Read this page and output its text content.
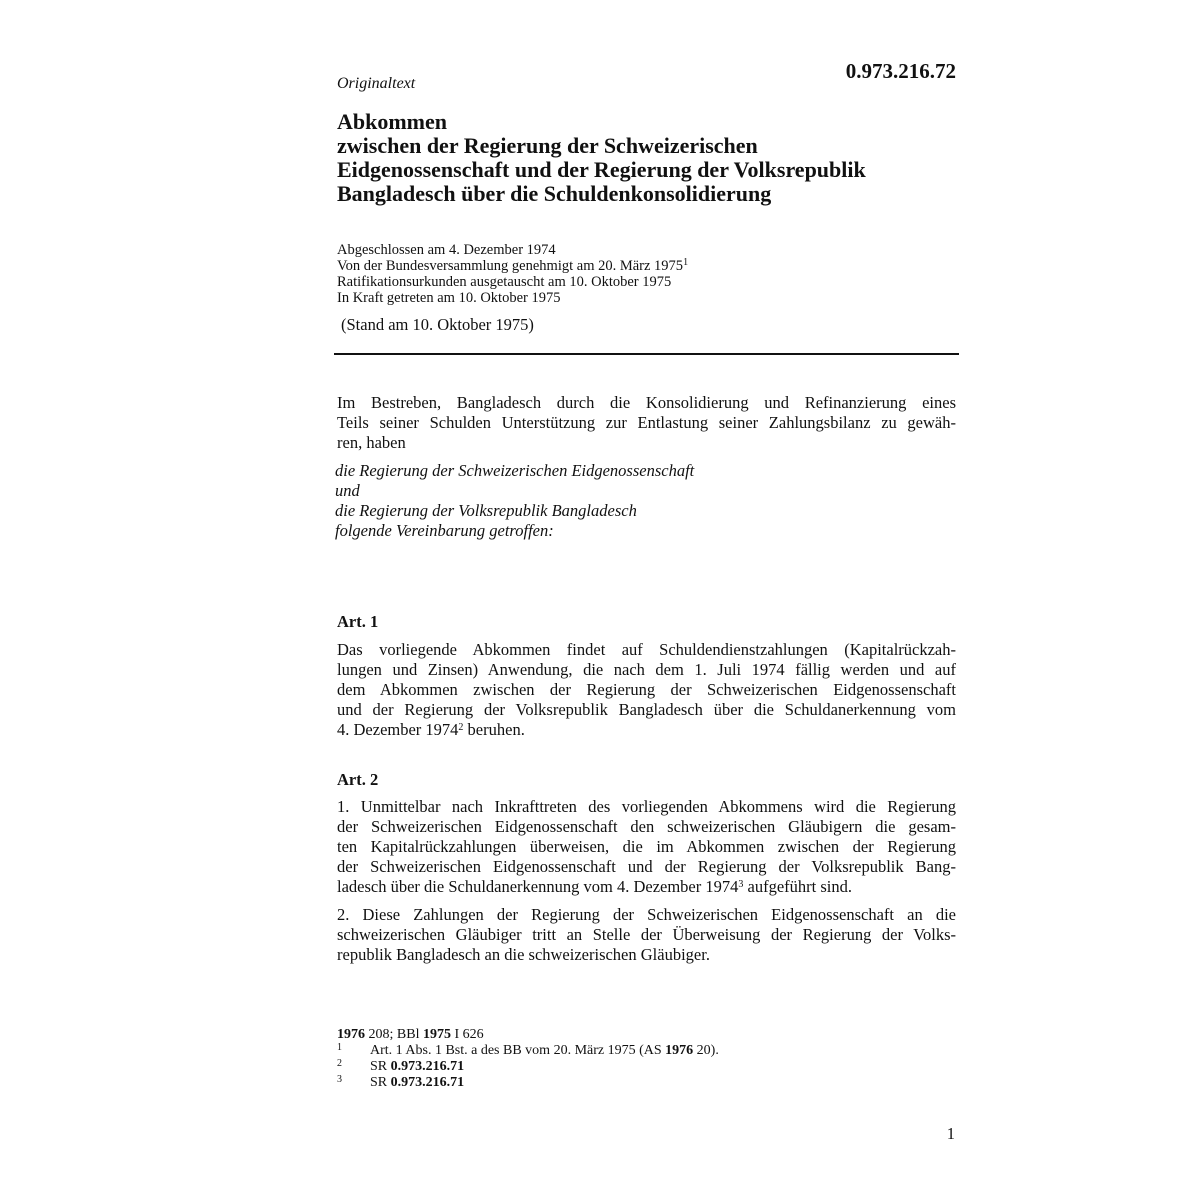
0.973.216.72
Originaltext
Abkommen
zwischen der Regierung der Schweizerischen
Eidgenossenschaft und der Regierung der Volksrepublik
Bangladesch über die Schuldenkonsolidierung
Abgeschlossen am 4. Dezember 1974
Von der Bundesversammlung genehmigt am 20. März 1975$^1$
Ratifikationsurkunden ausgetauscht am 10. Oktober 1975
In Kraft getreten am 10. Oktober 1975
(Stand am 10. Oktober 1975)
Im Bestreben, Bangladesch durch die Konsolidierung und Refinanzierung eines
Teils seiner Schulden Unterstützung zur Entlastung seiner Zahlungsbilanz zu gewäh-
ren, haben
die Regierung der Schweizerischen Eidgenossenschaft
und
die Regierung der Volksrepublik Bangladesch
folgende Vereinbarung getroffen:
Art. 1
Das vorliegende Abkommen findet auf Schuldendienstzahlungen (Kapitalrückzah-
lungen und Zinsen) Anwendung, die nach dem 1. Juli 1974 fällig werden und auf
dem Abkommen zwischen der Regierung der Schweizerischen Eidgenossenschaft
und der Regierung der Volksrepublik Bangladesch über die Schuldanerkennung vom
4. Dezember 1974$^2$ beruhen.
Art. 2
1. Unmittelbar nach Inkrafttreten des vorliegenden Abkommens wird die Regierung
der Schweizerischen Eidgenossenschaft den schweizerischen Gläubigern die gesam-
ten Kapitalrückzahlungen überweisen, die im Abkommen zwischen der Regierung
der Schweizerischen Eidgenossenschaft und der Regierung der Volksrepublik Bang-
ladesch über die Schuldanerkennung vom 4. Dezember 1974$^3$ aufgeführt sind.
2. Diese Zahlungen der Regierung der Schweizerischen Eidgenossenschaft an die
schweizerischen Gläubiger tritt an Stelle der Überweisung der Regierung der Volks-
republik Bangladesch an die schweizerischen Gläubiger.
1976 208; BBl 1975 I 626
1 Art. 1 Abs. 1 Bst. a des BB vom 20. März 1975 (AS 1976 20).
2 SR 0.973.216.71
3 SR 0.973.216.71
1
